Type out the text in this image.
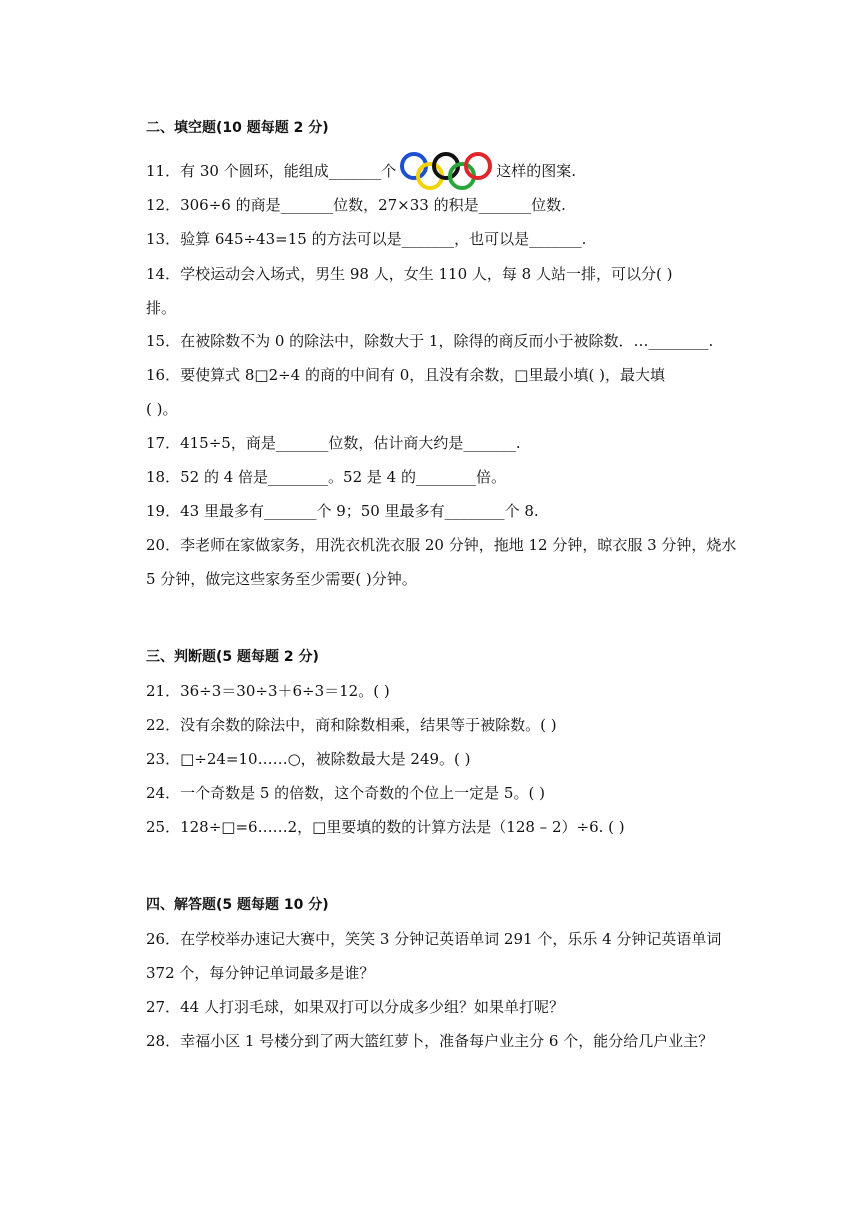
二、填空题(10 题每题 2 分)
11．有 30 个圆环，能组成_______个	这样的图案.
12．306÷6 的商是_______位数，27×33 的积是_______位数.
13．验算 645÷43=15 的方法可以是_______，也可以是_______.
14．学校运动会入场式，男生 98 人，女生 110 人，每 8 人站一排，可以分( )
排。
15．在被除数不为 0 的除法中，除数大于 1，除得的商反而小于被除数．…________.
16．要使算式 8□2÷4 的商的中间有 0，且没有余数，□里最小填( )，最大填
( )。
17．415÷5，商是_______位数，估计商大约是_______.
18．52 的 4 倍是________。52 是 4 的________倍。
19．43 里最多有_______个 9；50 里最多有________个 8.
20．李老师在家做家务，用洗衣机洗衣服 20 分钟，拖地 12 分钟，晾衣服 3 分钟，烧水
5 分钟，做完这些家务至少需要( )分钟。
三、判断题(5 题每题 2 分)
21．36÷3＝30÷3＋6÷3＝12。( )
22．没有余数的除法中，商和除数相乘，结果等于被除数。( )
23．□÷24=10……○，被除数最大是 249。( )
24．一个奇数是 5 的倍数，这个奇数的个位上一定是 5。( )
25．128÷□=6……2，□里要填的数的计算方法是（128 – 2）÷6. ( )
四、解答题(5 题每题 10 分)
26．在学校举办速记大赛中，笑笑 3 分钟记英语单词 291 个，乐乐 4 分钟记英语单词
372 个，每分钟记单词最多是谁？
27．44 人打羽毛球，如果双打可以分成多少组？如果单打呢？
28．幸福小区 1 号楼分到了两大篮红萝卜，准备每户业主分 6 个，能分给几户业主？
